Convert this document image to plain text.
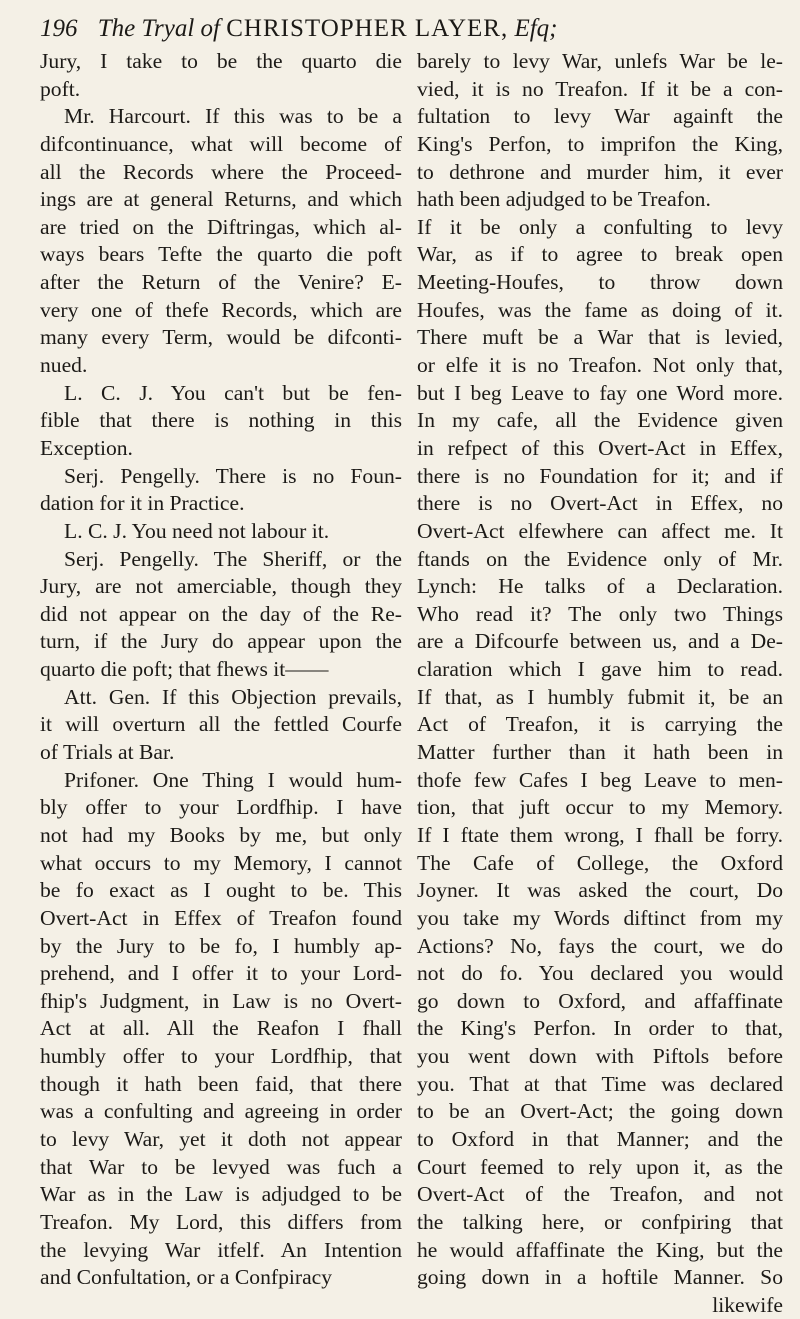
196 The Tryal of CHRISTOPHER LAYER, Efq;
Jury, I take to be the quarto die
poft.
Mr. Harcourt. If this was to be a
difcontinuance, what will become of
all the Records where the Proceed-
ings are at general Returns, and which
are tried on the Diftringas, which al-
ways bears Tefte the quarto die poft
after the Return of the Venire? E-
very one of thefe Records, which are
many every Term, would be difconti-
nued.
L. C. J. You can't but be fen-
fible that there is nothing in this
Exception.
Serj. Pengelly. There is no Foun-
dation for it in Practice.
L. C. J. You need not labour it.
Serj. Pengelly. The Sheriff, or the
Jury, are not amerciable, though they
did not appear on the day of the Re-
turn, if the Jury do appear upon the
quarto die poft; that fhews it——
Att. Gen. If this Objection prevails,
it will overturn all the fettled Courfe
of Trials at Bar.
Prifoner. One Thing I would hum-
bly offer to your Lordfhip. I have
not had my Books by me, but only
what occurs to my Memory, I cannot
be fo exact as I ought to be. This
Overt-Act in Effex of Treafon found
by the Jury to be fo, I humbly ap-
prehend, and I offer it to your Lord-
fhip's Judgment, in Law is no Overt-
Act at all. All the Reafon I fhall
humbly offer to your Lordfhip, that
though it hath been faid, that there
was a confulting and agreeing in order
to levy War, yet it doth not appear
that War to be levyed was fuch a
War as in the Law is adjudged to be
Treafon. My Lord, this differs from
the levying War itfelf. An Intention
and Confultation, or a Confpiracy
barely to levy War, unlefs War be le-
vied, it is no Treafon. If it be a con-
fultation to levy War againft the
King's Perfon, to imprifon the King,
to dethrone and murder him, it ever
hath been adjudged to be Treafon.
If it be only a confulting to levy
War, as if to agree to break open
Meeting-Houfes, to throw down
Houfes, was the fame as doing of it.
There muft be a War that is levied,
or elfe it is no Treafon. Not only that,
but I beg Leave to fay one Word more.
In my cafe, all the Evidence given
in refpect of this Overt-Act in Effex,
there is no Foundation for it; and if
there is no Overt-Act in Effex, no
Overt-Act elfewhere can affect me. It
ftands on the Evidence only of Mr.
Lynch: He talks of a Declaration.
Who read it? The only two Things
are a Difcourfe between us, and a De-
claration which I gave him to read.
If that, as I humbly fubmit it, be an
Act of Treafon, it is carrying the
Matter further than it hath been in
thofe few Cafes I beg Leave to men-
tion, that juft occur to my Memory.
If I ftate them wrong, I fhall be forry.
The Cafe of College, the Oxford
Joyner. It was asked the court, Do
you take my Words diftinct from my
Actions? No, fays the court, we do
not do fo. You declared you would
go down to Oxford, and affaffinate
the King's Perfon. In order to that,
you went down with Piftols before
you. That at that Time was declared
to be an Overt-Act; the going down
to Oxford in that Manner; and the
Court feemed to rely upon it, as the
Overt-Act of the Treafon, and not
the talking here, or confpiring that
he would affaffinate the King, but the
going down in a hoftile Manner. So
likewife
